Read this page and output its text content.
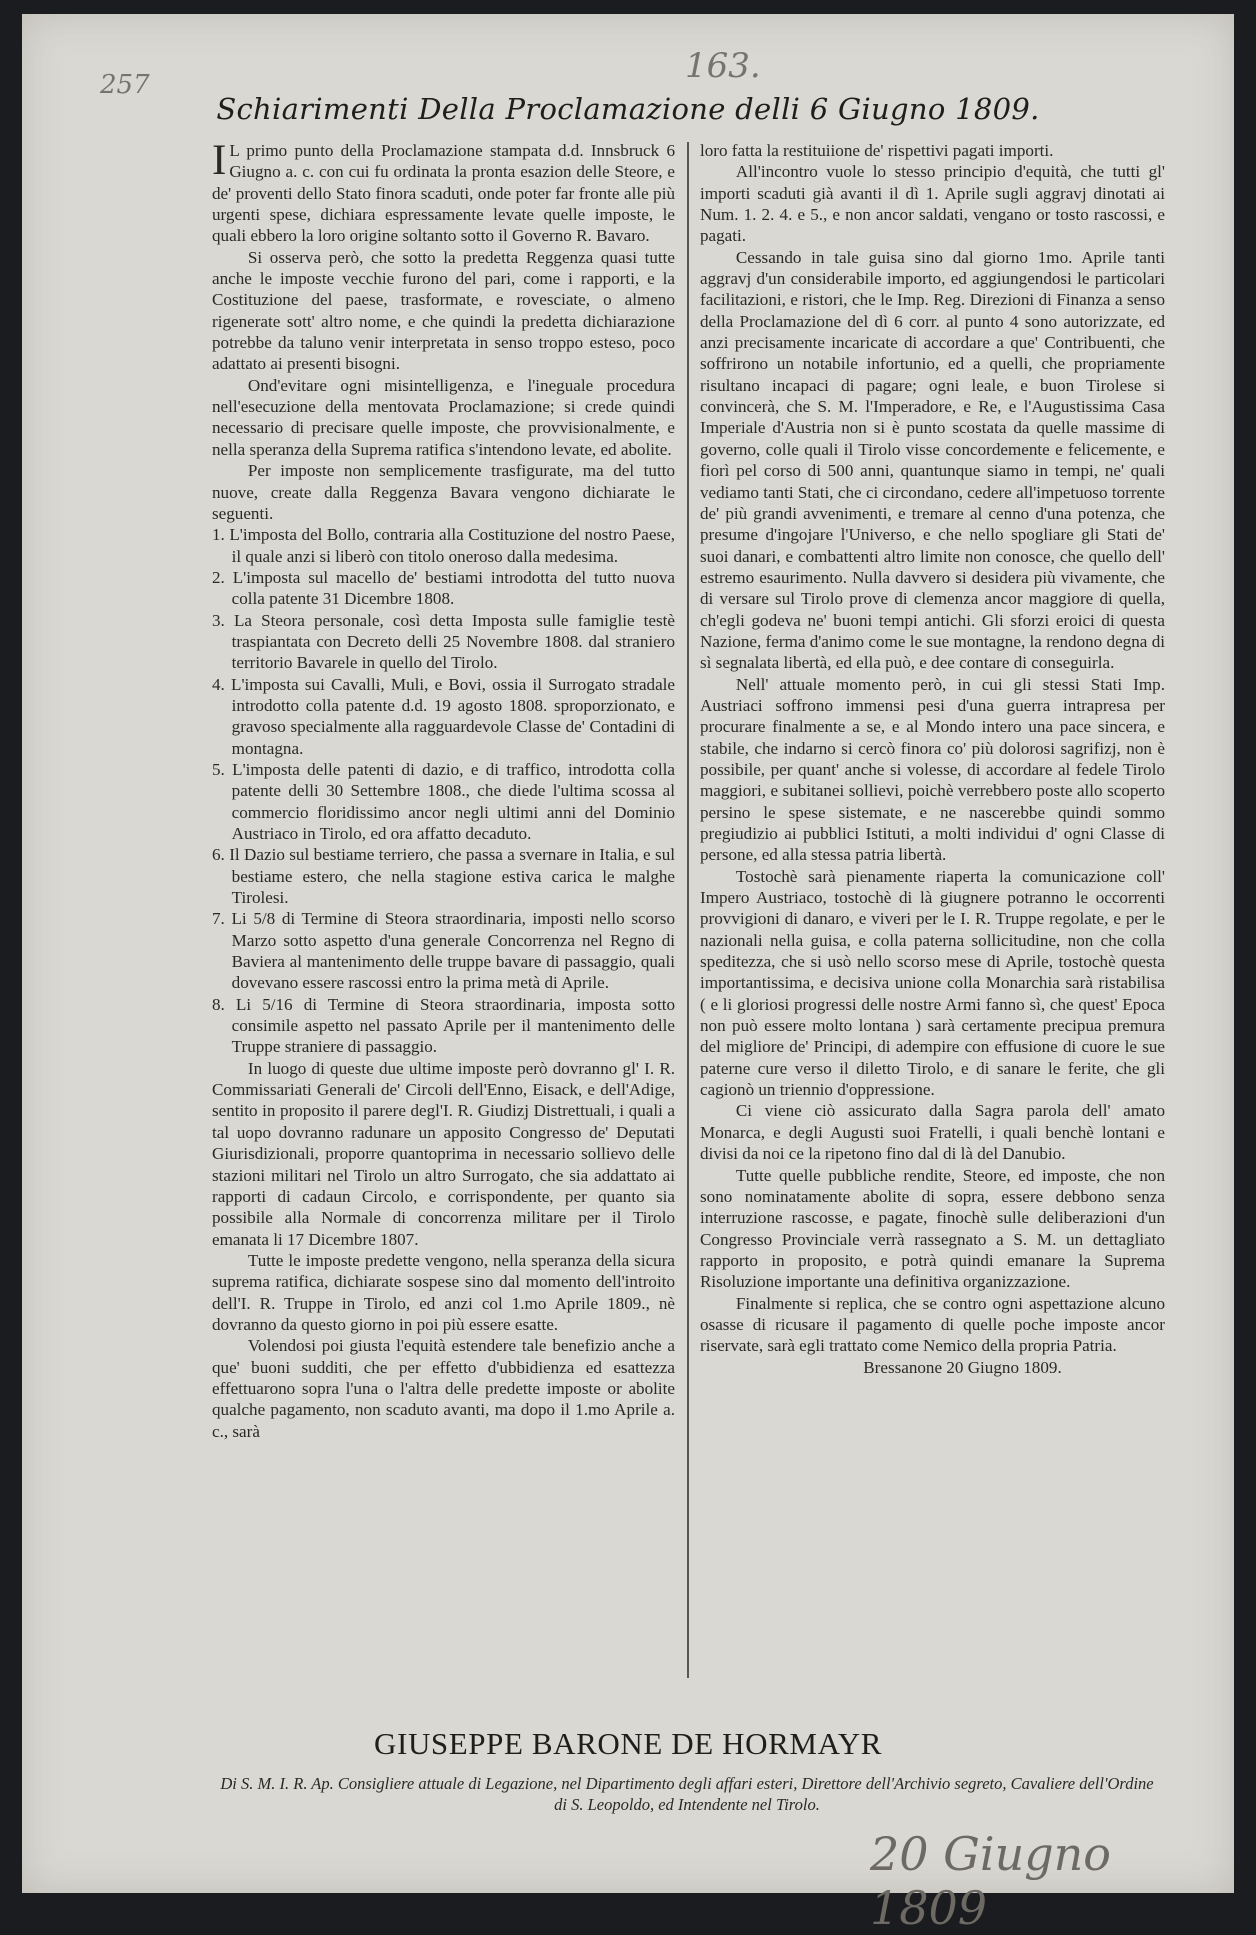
257	163.
Schiarimenti Della Proclamazione delli 6 Giugno 1809.

I L primo punto della Proclamazione stampata d.d. Innsbruck 6 Giugno a. c. con cui fu ordinata la pronta esazion delle Steore, e de' proventi dello Stato finora scaduti, onde poter far fronte alle più urgenti spese, dichiara espressamente levate quelle imposte, le quali ebbero la loro origine soltanto sotto il Governo R. Bavaro.

Si osserva però, che sotto la predetta Reggenza quasi tutte anche le imposte vecchie furono del pari, come i rapporti, e la Costituzione del paese, trasformate, e rovesciate, o almeno rigenerate sott' altro nome, e che quindi la predetta dichiarazione potrebbe da taluno venir interpretata in senso troppo esteso, poco adattato ai presenti bisogni.

Ond'evitare ogni misintelligenza, e l'ineguale procedura nell'esecuzione della mentovata Proclamazione; si crede quindi necessario di precisare quelle imposte, che provvisionalmente, e nella speranza della Suprema ratifica s'intendono levate, ed abolite.

Per imposte non semplicemente trasfigurate, ma del tutto nuove, create dalla Reggenza Bavara vengono dichiarate le seguenti.

1. L'imposta del Bollo, contraria alla Costituzione del nostro Paese, il quale anzi si liberò con titolo oneroso dalla medesima.

2. L'imposta sul macello de' bestiami introdotta del tutto nuova colla patente 31 Dicembre 1808.

3. La Steora personale, così detta Imposta sulle famiglie testè traspiantata con Decreto delli 25 Novembre 1808. dal straniero territorio Bavarele in quello del Tirolo.

4. L'imposta sui Cavalli, Muli, e Bovi, ossia il Surrogato stradale introdotto colla patente d.d. 19 agosto 1808. sproporzionato, e gravoso specialmente alla ragguardevole Classe de' Contadini di montagna.

5. L'imposta delle patenti di dazio, e di traffico, introdotta colla patente delli 30 Settembre 1808., che diede l'ultima scossa al commercio floridissimo ancor negli ultimi anni del Dominio Austriaco in Tirolo, ed ora affatto decaduto.

6. Il Dazio sul bestiame terriero, che passa a svernare in Italia, e sul bestiame estero, che nella stagione estiva carica le malghe Tirolesi.

7. Li 5/8 di Termine di Steora straordinaria, imposti nello scorso Marzo sotto aspetto d'una generale Concorrenza nel Regno di Baviera al mantenimento delle truppe bavare di passaggio, quali dovevano essere rascossi entro la prima metà di Aprile.

8. Li 5/16 di Termine di Steora straordinaria, imposta sotto consimile aspetto nel passato Aprile per il mantenimento delle Truppe straniere di passaggio.

In luogo di queste due ultime imposte però dovranno gl' I. R. Commissariati Generali de' Circoli dell'Enno, Eisack, e dell'Adige, sentito in proposito il parere degl'I. R. Giudizj Distrettuali, i quali a tal uopo dovranno radunare un apposito Congresso de' Deputati Giurisdizionali, proporre quantoprima in necessario sollievo delle stazioni militari nel Tirolo un altro Surrogato, che sia addattato ai rapporti di cadaun Circolo, e corrispondente, per quanto sia possibile alla Normale di concorrenza militare per il Tirolo emanata li 17 Dicembre 1807.

Tutte le imposte predette vengono, nella speranza della sicura suprema ratifica, dichiarate sospese sino dal momento dell'introito dell'I. R. Truppe in Tirolo, ed anzi col 1.mo Aprile 1809., nè dovranno da questo giorno in poi più essere esatte.

Volendosi poi giusta l'equità estendere tale benefizio anche a que' buoni sudditi, che per effetto d'ubbidienza ed esattezza effettuarono sopra l'una o l'altra delle predette imposte or abolite qualche pagamento, non scaduto avanti, ma dopo il 1.mo Aprile a. c., sarà

loro fatta la restituiione de' rispettivi pagati importi.

All'incontro vuole lo stesso principio d'equità, che tutti gl' importi scaduti già avanti il dì 1. Aprile sugli aggravj dinotati ai Num. 1. 2. 4. e 5., e non ancor saldati, vengano or tosto rascossi, e pagati.

Cessando in tale guisa sino dal giorno 1mo. Aprile tanti aggravj d'un considerabile importo, ed aggiungendosi le particolari facilitazioni, e ristori, che le Imp. Reg. Direzioni di Finanza a senso della Proclamazione del dì 6 corr. al punto 4 sono autorizzate, ed anzi precisamente incaricate di accordare a que' Contribuenti, che soffrirono un notabile infortunio, ed a quelli, che propriamente risultano incapaci di pagare; ogni leale, e buon Tirolese si convincerà, che S. M. l'Imperadore, e Re, e l'Augustissima Casa Imperiale d'Austria non si è punto scostata da quelle massime di governo, colle quali il Tirolo visse concordemente e felicemente, e fiorì pel corso di 500 anni, quantunque siamo in tempi, ne' quali vediamo tanti Stati, che ci circondano, cedere all'impetuoso torrente de' più grandi avvenimenti, e tremare al cenno d'una potenza, che presume d'ingojare l'Universo, e che nello spogliare gli Stati de' suoi danari, e combattenti altro limite non conosce, che quello dell' estremo esaurimento. Nulla davvero si desidera più vivamente, che di versare sul Tirolo prove di clemenza ancor maggiore di quella, ch'egli godeva ne' buoni tempi antichi. Gli sforzi eroici di questa Nazione, ferma d'animo come le sue montagne, la rendono degna di sì segnalata libertà, ed ella può, e dee contare di conseguirla.

Nell' attuale momento però, in cui gli stessi Stati Imp. Austriaci soffrono immensi pesi d'una guerra intrapresa per procurare finalmente a se, e al Mondo intero una pace sincera, e stabile, che indarno si cercò finora co' più dolorosi sagrifizj, non è possibile, per quant' anche si volesse, di accordare al fedele Tirolo maggiori, e subitanei sollievi, poichè verrebbero poste allo scoperto persino le spese sistemate, e ne nascerebbe quindi sommo pregiudizio ai pubblici Istituti, a molti individui d' ogni Classe di persone, ed alla stessa patria libertà.

Tostochè sarà pienamente riaperta la comunicazione coll' Impero Austriaco, tostochè di là giugnere potranno le occorrenti provvigioni di danaro, e viveri per le I. R. Truppe regolate, e per le nazionali nella guisa, e colla paterna sollicitudine, non che colla speditezza, che si usò nello scorso mese di Aprile, tostochè questa importantissima, e decisiva unione colla Monarchia sarà ristabilisa ( e li gloriosi progressi delle nostre Armi fanno sì, che quest' Epoca non può essere molto lontana ) sarà certamente precipua premura del migliore de' Principi, di adempire con effusione di cuore le sue paterne cure verso il diletto Tirolo, e di sanare le ferite, che gli cagionò un triennio d'oppressione.

Ci viene ciò assicurato dalla Sagra parola dell' amato Monarca, e degli Augusti suoi Fratelli, i quali benchè lontani e divisi da noi ce la ripetono fino dal di là del Danubio.

Tutte quelle pubbliche rendite, Steore, ed imposte, che non sono nominatamente abolite di sopra, essere debbono senza interruzione rascosse, e pagate, finochè sulle deliberazioni d'un Congresso Provinciale verrà rassegnato a S. M. un dettagliato rapporto in proposito, e potrà quindi emanare la Suprema Risoluzione importante una definitiva organizzazione.

Finalmente si replica, che se contro ogni aspettazione alcuno osasse di ricusare il pagamento di quelle poche imposte ancor riservate, sarà egli trattato come Nemico della propria Patria.

Bressanone 20 Giugno 1809.

GIUSEPPE BARONE DE HORMAYR
Di S. M. I. R. Ap. Consigliere attuale di Legazione, nel Dipartimento degli affari esteri, Direttore dell'Archivio segreto, Cavaliere dell'Ordine di S. Leopoldo, ed Intendente nel Tirolo.
20 Giugno 1809
